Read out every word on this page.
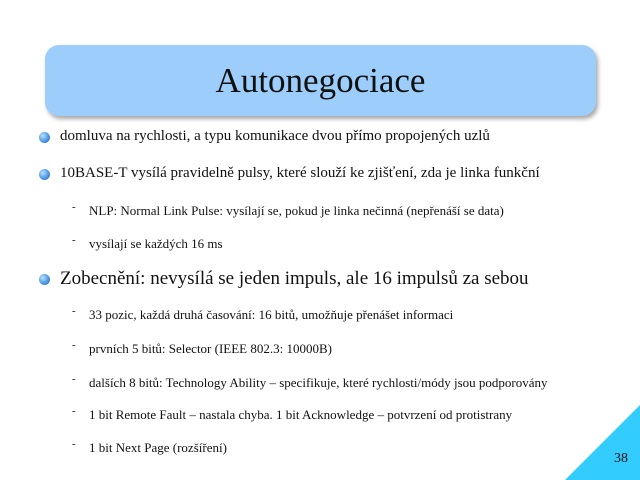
Autonegociace
domluva na rychlosti, a typu komunikace dvou přímo propojených uzlů
10BASE-T vysílá pravidelně pulsy, které slouží ke zjišťení, zda je linka funkční
- NLP: Normal Link Pulse: vysílají se, pokud je linka nečinná (nepřenáší se data)
- vysílají se každých 16 ms
Zobecnění: nevysílá se jeden impuls, ale 16 impulsů za sebou
- 33 pozic, každá druhá časování: 16 bitů, umožňuje přenášet informaci
- prvních 5 bitů: Selector (IEEE 802.3: 10000B)
- dalších 8 bitů: Technology Ability – specifikuje, které rychlosti/módy jsou podporovány
- 1 bit Remote Fault – nastala chyba. 1 bit Acknowledge – potvrzení od protistrany
- 1 bit Next Page (rozšíření)
38
